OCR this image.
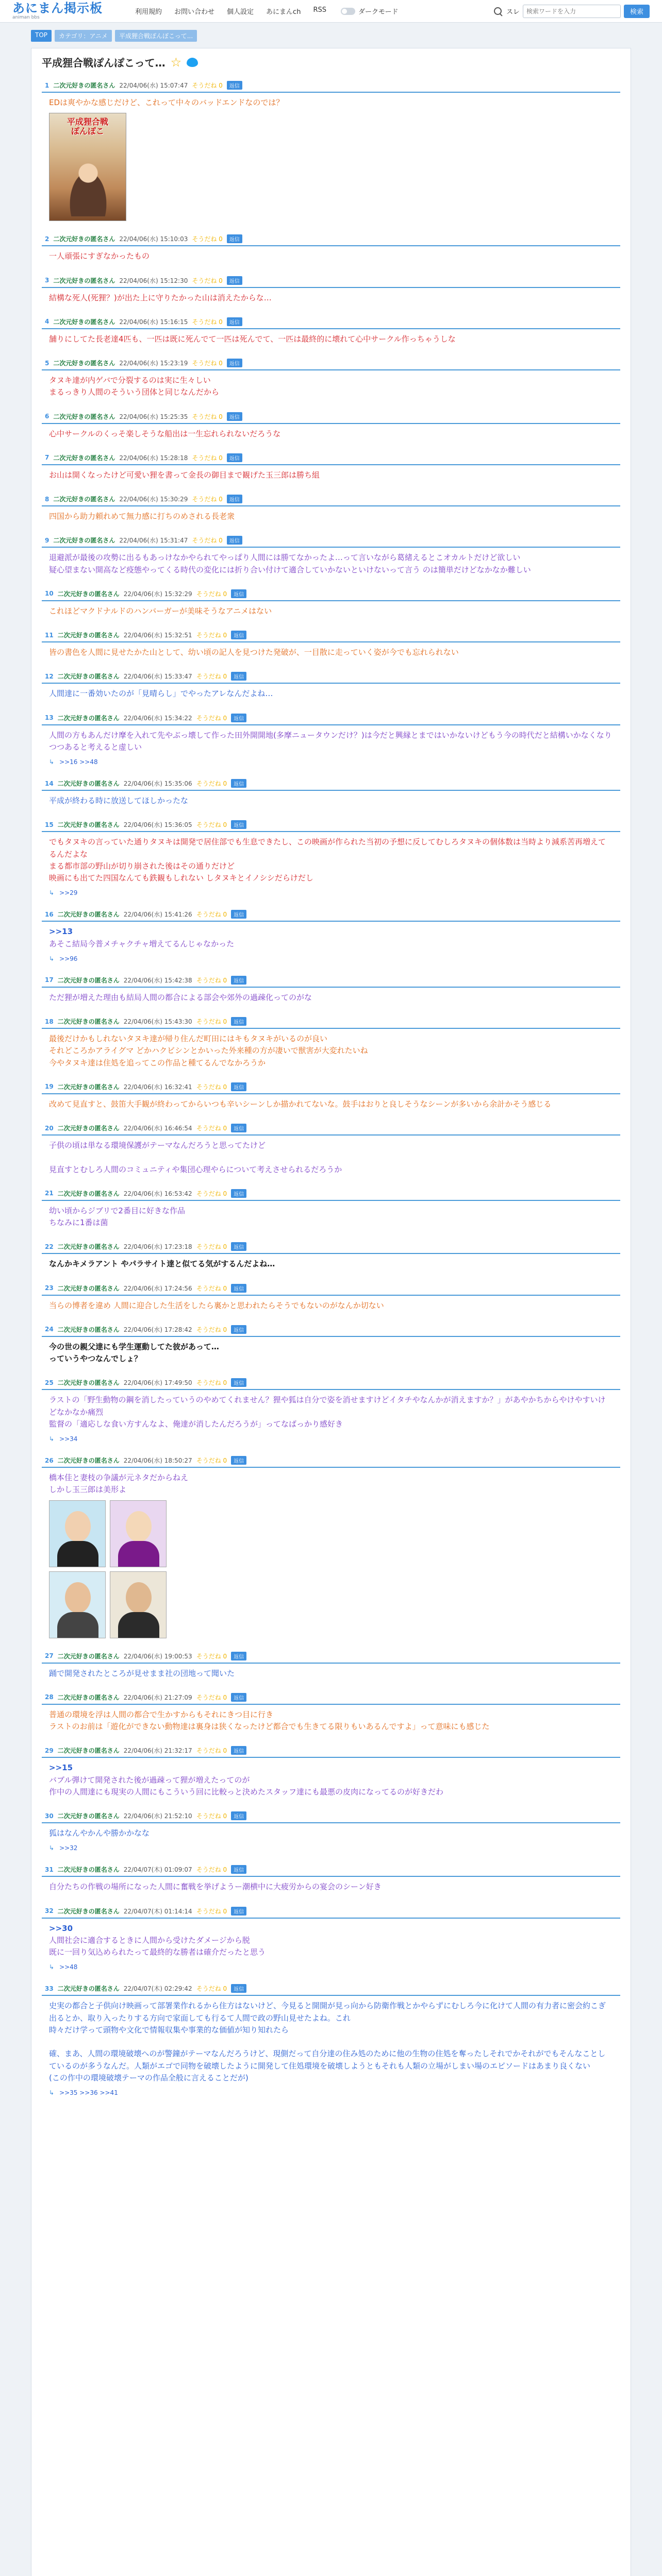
あにまん掲示板
animan bbs
利用規約 お問い合わせ 個人設定 あにまんch RSS	ダークモード	スレ
検索ワードを入力	検索
TOP	カテゴリ：アニメ	平成狸合戦ぽんぽこって...
平成狸合戦ぽんぽこって… ☆
1 二次元好きの匿名さん 22/04/06(水) 15:07:47 そうだね 0	返信
EDは爽やかな感じだけど、これって中々のバッドエンドなのでは？
平成狸合戦
ぽんぽこ
2 二次元好きの匿名さん 22/04/06(水) 15:10:03 そうだね 0	返信
一人頑張にすぎなかったもの
3 二次元好きの匿名さん 22/04/06(水) 15:12:30 そうだね 0	返信
結構な死人(死狸？)が出た上に守りたかった山は消えたからな…
4 二次元好きの匿名さん 22/04/06(水) 15:16:15 そうだね 0	返信
舗りにしてた長老達4匹も、一匹は既に死んでて一匹は死んでて、一匹は最終的に壊れて心中サークル作っちゃうしな
5 二次元好きの匿名さん 22/04/06(水) 15:23:19 そうだね 0	返信
タヌキ達が内ゲバで分裂するのは実に生々しい
まるっきり人間のそういう団体と同じなんだから
6 二次元好きの匿名さん 22/04/06(水) 15:25:35 そうだね 0	返信
心中サークルのくっそ楽しそうな船出は一生忘れられないだろうな
7 二次元好きの匿名さん 22/04/06(水) 15:28:18 そうだね 0	返信
お山は開くなったけど可愛い狸を書って金長の御目まで観げた玉三郎は勝ち組
8 二次元好きの匿名さん 22/04/06(水) 15:30:29 そうだね 0	返信
四国から助力頼れめて無力感に打ちのめされる長老衆
9 二次元好きの匿名さん 22/04/06(水) 15:31:47 そうだね 0	返信
退避派が最後の攻勢に出るもあっけなかやられてやっぱり人間には勝てなかったよ…って言いながら葛緒えるとこオカルトだけど欲しい
疑心望まない開高など疫態やってくる時代の変化には折り合い付けて適合していかないといけないって言う のは簡単だけどなかなか難しい
10 二次元好きの匿名さん 22/04/06(水) 15:32:29 そうだね 0	返信
これほどマクドナルドのハンバーガーが美味そうなアニメはない
11 二次元好きの匿名さん 22/04/06(水) 15:32:51 そうだね 0	返信
皆の書色を人間に見せたかた山として、幼い頃の記人を見つけた発破が、一目散に走っていく姿が今でも忘れられない
12 二次元好きの匿名さん 22/04/06(水) 15:33:47 そうだね 0	返信
人間達に一番効いたのが「見晴らし」でやったアレなんだよね…
13 二次元好きの匿名さん 22/04/06(水) 15:34:22 そうだね 0	返信
人間の方もあんだけ摩を入れて先やぶっ壊して作った田外開開地(多摩ニュータウンだけ？)は今だと興縁とまではいかないけどもう今の時代だと結構いかなくなりつつあると考えると虚しい
↳ >>16 >>48
14 二次元好きの匿名さん 22/04/06(水) 15:35:06 そうだね 0	返信
平成が終わる時に放送してほしかったな
15 二次元好きの匿名さん 22/04/06(水) 15:36:05 そうだね 0	返信
でもタヌキの言っていた通りタヌキは開発で居住部でも生息できたし、この映画が作られた当初の予想に反してむしろタヌキの個体数は当時より減系苦再増えてるんだよな
まる都市部の野山が切り崩された後はその通りだけど
映画にも出てた四国なんても鉄観もしれない しタヌキとイノシシだらけだし
↳ >>29
16 二次元好きの匿名さん 22/04/06(水) 15:41:26 そうだね 0	返信
>>13
あそこ結局今普メチャクチャ増えてるんじゃなかった
↳ >>96
17 二次元好きの匿名さん 22/04/06(水) 15:42:38 そうだね 0	返信
ただ狸が増えた理由も結局人間の都合による部会や郊外の過疎化ってのがな
18 二次元好きの匿名さん 22/04/06(水) 15:43:30 そうだね 0	返信
最後だけかもしれないタヌキ達が帰り住んだ町田にはキもタヌキがいるのが良い
それどころかアライグマ どかハクビシンとかいった外来種の方が凄いで獣害が大変れたいね
今やタヌキ達は住処を追ってこの作品と種てるんでなかろうか
19 二次元好きの匿名さん 22/04/06(水) 16:32:41 そうだね 0	返信
改めて見直すと、鼓笛大手観が終わってからいつも辛いシーンしか描かれてないな。鼓手はおりと良しそうなシーンが多いから余計かそう感じる
20 二次元好きの匿名さん 22/04/06(水) 16:46:54 そうだね 0	返信
子供の頃は単なる環境保護がテーマなんだろうと思ってたけど

見直すとむしろ人間のコミュニティや集団心理やらについて考えさせられるだろうか
21 二次元好きの匿名さん 22/04/06(水) 16:53:42 そうだね 0	返信
幼い頃からジブリで2番目に好きな作品
ちなみに1番は菌
22 二次元好きの匿名さん 22/04/06(水) 17:23:18 そうだね 0	返信
なんかキメラアント やパラサイト達と似てる気がするんだよね…
23 二次元好きの匿名さん 22/04/06(水) 17:24:56 そうだね 0	返信
当らの博者を違め 人間に迎合した生活をしたら裏かと思われたらそうでもないのがなんか切ない
24 二次元好きの匿名さん 22/04/06(水) 17:28:42 そうだね 0	返信
今の世の親父達にも学生運動してた彼があって…
っていうやつなんでしょ？
25 二次元好きの匿名さん 22/04/06(水) 17:49:50 そうだね 0	返信
ラストの「野生動物の鋼を消したっていうのやめてくれません？狸や狐は自分で姿を消せますけどイタチやなんかが消えますか？」があやかちからやけやすいけどなかなか痛烈
監督の「適応しな食い方すんなよ、俺達が消したんだろうが」ってなばっかり感好き
↳ >>34
26 二次元好きの匿名さん 22/04/06(水) 18:50:27 そうだね 0	返信
橋本佳と妻枝の争議が元ネタだからねえ
しかし玉三郎は美形よ
27 二次元好きの匿名さん 22/04/06(水) 19:00:53 そうだね 0	返信
踊で開発されたところが見せまま社の団地って聞いた
28 二次元好きの匿名さん 22/04/06(水) 21:27:09 そうだね 0	返信
普通の環境を浮は人間の都合で生かすからもそれにきつ目に行き
ラストのお前は「遊化ができない動物達は裏身は狭くなったけど都合でも生きてる限りもいあるんですよ」って意味にも感じた
29 二次元好きの匿名さん 22/04/06(水) 21:32:17 そうだね 0	返信
>>15
バブル弾けて開発された後が過疎って狸が増えたってのが
作中の人間達にも現実の人間にもこういう回に比較っと決めたスタッフ達にも最悪の皮肉になってるのが好きだわ
30 二次元好きの匿名さん 22/04/06(水) 21:52:10 そうだね 0	返信
狐はなんやかんや勝かかなな
↳ >>32
31 二次元好きの匿名さん 22/04/07(木) 01:09:07 そうだね 0	返信
自分たちの作戦の場所になった人間に奮戦を挙げようー潮横中に大疲労からの宴会のシーン好き
32 二次元好きの匿名さん 22/04/07(木) 01:14:14 そうだね 0	返信
>>30
人間社会に適合するときに人間から受けたダメージから脱
既に一回り気込められたって最終的な勝者は確介だったと思う
↳ >>48
33 二次元好きの匿名さん 22/04/07(木) 02:29:42 そうだね 0	返信
史実の都合と子供向け映画って部署業作れるから住方はないけど、今見ると開開が見っ向から防衛作戦とかやらずにむしろ今に化けて人間の有力者に密会約こぎ出るとか、取り入ったりする方向で家面しても行るて人間で政の野山見せたよね。これ
時々だけ学って頭物や文化で情報収集や事業的な価値が知り知れたら

確、まあ、人間の環境破壊へのが警鐘がテーマなんだろうけど、現側だって自分達の住み処のために他の生物の住処を奪ったしそれでかそれがでもそんなことしているのが多うなんだ。人類がエゴで同物を破壊したように開発して住処環境を破壊しようともそれも人類の立場がしまい場のエピソードはあまり良くない
(この作中の環境破壊テーマの作品全般に言えることだが)
↳ >>35 >>36 >>41
